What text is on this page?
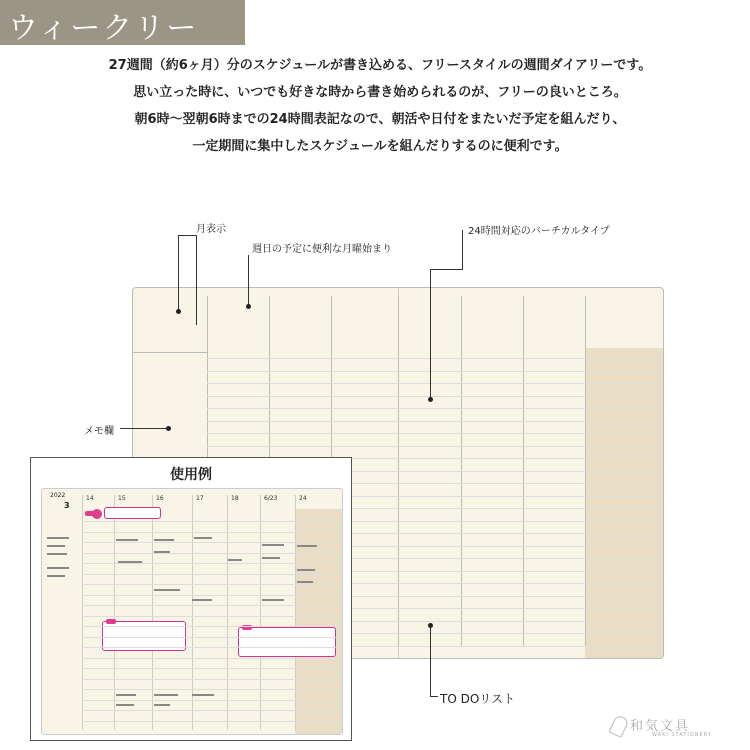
ウィークリー
27週間（約6ヶ月）分のスケジュールが書き込める、フリースタイルの週間ダイアリーです。
思い立った時に、いつでも好きな時から書き始められるのが、フリーの良いところ。
朝6時〜翌朝6時までの24時間表記なので、朝活や日付をまたいだ予定を組んだり、
一定期間に集中したスケジュールを組んだりするのに便利です。
月表示
週日の予定に便利な月曜始まり
24時間対応のバーチカルタイプ
メモ欄
TO DOリスト
使用例
2022
3
14	15	16	17	18	6/23	24
和気文具
WAKI STATIONERY
